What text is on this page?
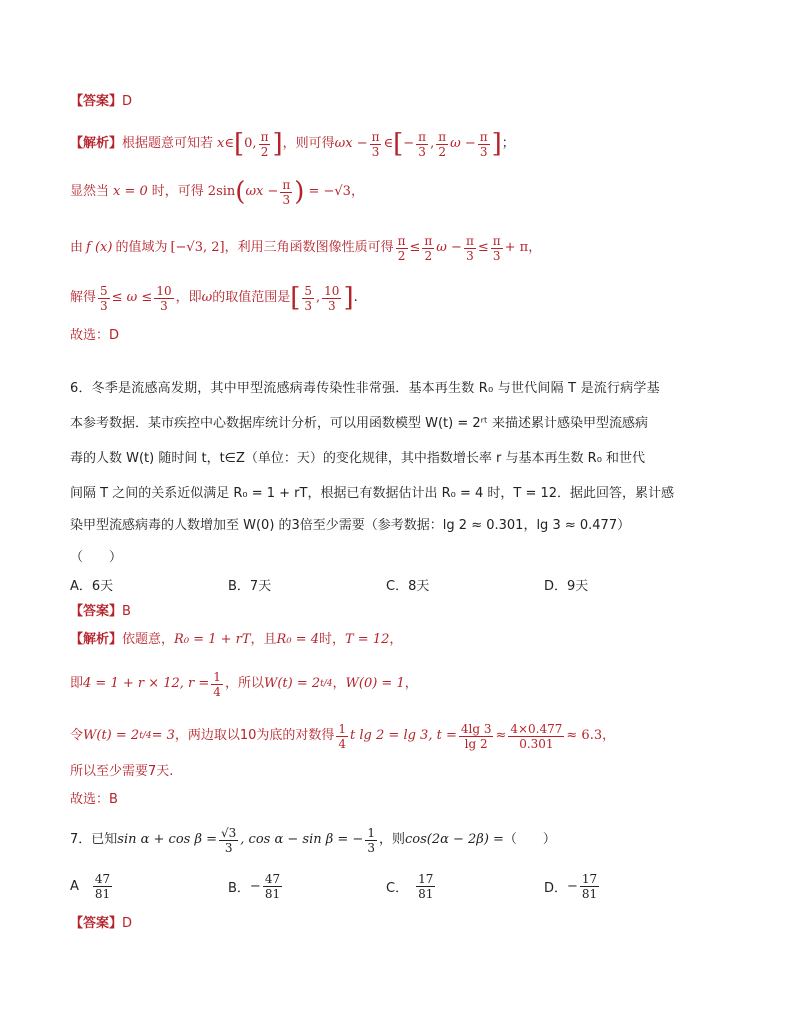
【答案】 D
【解析】 根据题意可知若 x∈ [ 0, $\frac{\pi}{2}$ ] ，则可得 $\omega x - \frac{\pi}{3}$ ∈ [ − $\frac{\pi}{3}$ , $\frac{\pi}{2}$ $\omega - \frac{\pi}{3}$ ] ；
显然当 x = 0 时，可得 2sin ( $\omega x - \frac{\pi}{3}$ ) = −√3 ，
由 f (x) 的值域为 [−√3, 2] ，利用三角函数图像性质可得 $\frac{\pi}{2} \le \frac{\pi}{2}$ $\omega - \frac{\pi}{3} \le \frac{\pi}{3} + \pi$ ，
解得 $\frac{5}{3} \le \omega \le \frac{10}{3}$ ，即 ω 的取值范围是 [ $\frac{5}{3}$ , $\frac{10}{3}$ ] .
故选：D
6．冬季是流感高发期，其中甲型流感病毒传染性非常强．基本再生数 R₀ 与世代间隔 T 是流行病学基
本参考数据．某市疾控中心数据库统计分析，可以用函数模型 W(t) = 2ʳᵗ 来描述累计感染甲型流感病
毒的人数 W(t) 随时间 t，t∈Z（单位：天）的变化规律，其中指数增长率 r 与基本再生数 R₀ 和世代
间隔 T 之间的关系近似满足 R₀ = 1 + rT，根据已有数据估计出 R₀ = 4 时，T = 12．据此回答，累计感
染甲型流感病毒的人数增加至 W(0) 的3倍至少需要（参考数据：lg 2 ≈ 0.301，lg 3 ≈ 0.477）
（　　）
A．6天	B．7天	C．8天	D．9天
【答案】 B
【解析】 依题意， R₀ = 1 + rT ，且 R₀ = 4 时， T = 12 ，
即 4 = 1 + r × 12, $r = \frac{1}{4}$ ，所以 W(t) = 2 t/4 ， W(0) = 1 ，
令 W(t) = 2 t/4 = 3 ，两边取以10为底的对数得 $\frac{1}{4}$ t lg 2 = lg 3, $t = \frac{4\lg 3}{\lg 2} \approx \frac{4\times 0.477}{0.301} \approx 6.3$ ，
所以至少需要7天.
故选：B
7．已知 $\sin \alpha + \cos \beta = \frac{√3}{3}$ , cos α − sin β = − $\frac{1}{3}$ ，则 cos(2α − 2β) = （　　）
A $\frac{47}{81}$	B． − $\frac{47}{81}$	C． $\frac{17}{81}$	D． − $\frac{17}{81}$
【答案】 D
